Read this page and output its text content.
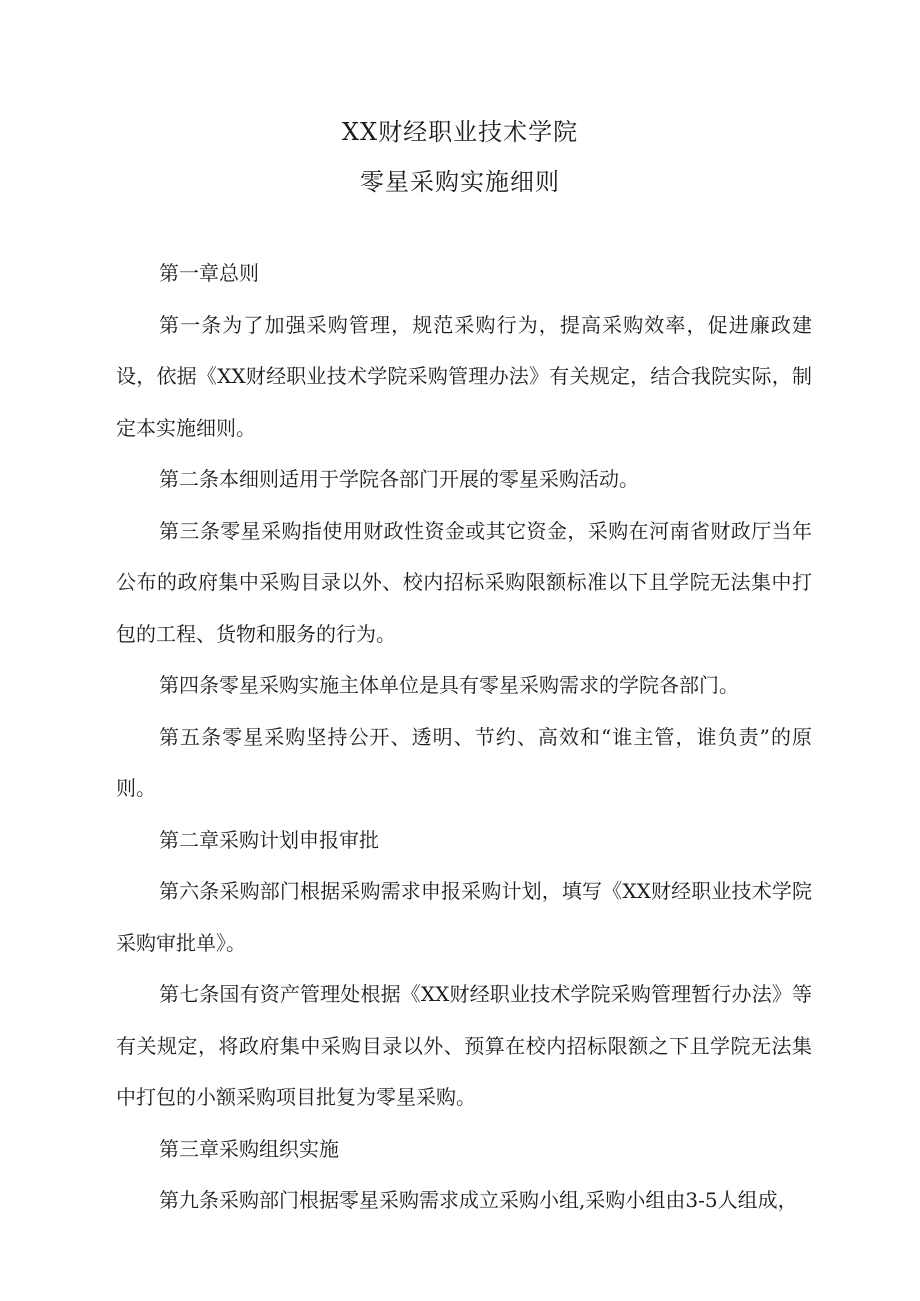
XX财经职业技术学院
零星采购实施细则

第一章总则

第一条为了加强采购管理，规范采购行为，提高采购效率，促进廉政建设，依据《XX财经职业技术学院采购管理办法》有关规定，结合我院实际，制定本实施细则。

第二条本细则适用于学院各部门开展的零星采购活动。

第三条零星采购指使用财政性资金或其它资金，采购在河南省财政厅当年公布的政府集中采购目录以外、校内招标采购限额标准以下且学院无法集中打包的工程、货物和服务的行为。

第四条零星采购实施主体单位是具有零星采购需求的学院各部门。

第五条零星采购坚持公开、透明、节约、高效和“谁主管，谁负责”的原则。

第二章采购计划申报审批

第六条采购部门根据采购需求申报采购计划，填写《XX财经职业技术学院采购审批单》。

第七条国有资产管理处根据《XX财经职业技术学院采购管理暂行办法》等有关规定，将政府集中采购目录以外、预算在校内招标限额之下且学院无法集中打包的小额采购项目批复为零星采购。

第三章采购组织实施

第九条采购部门根据零星采购需求成立采购小组,采购小组由3-5人组成，
